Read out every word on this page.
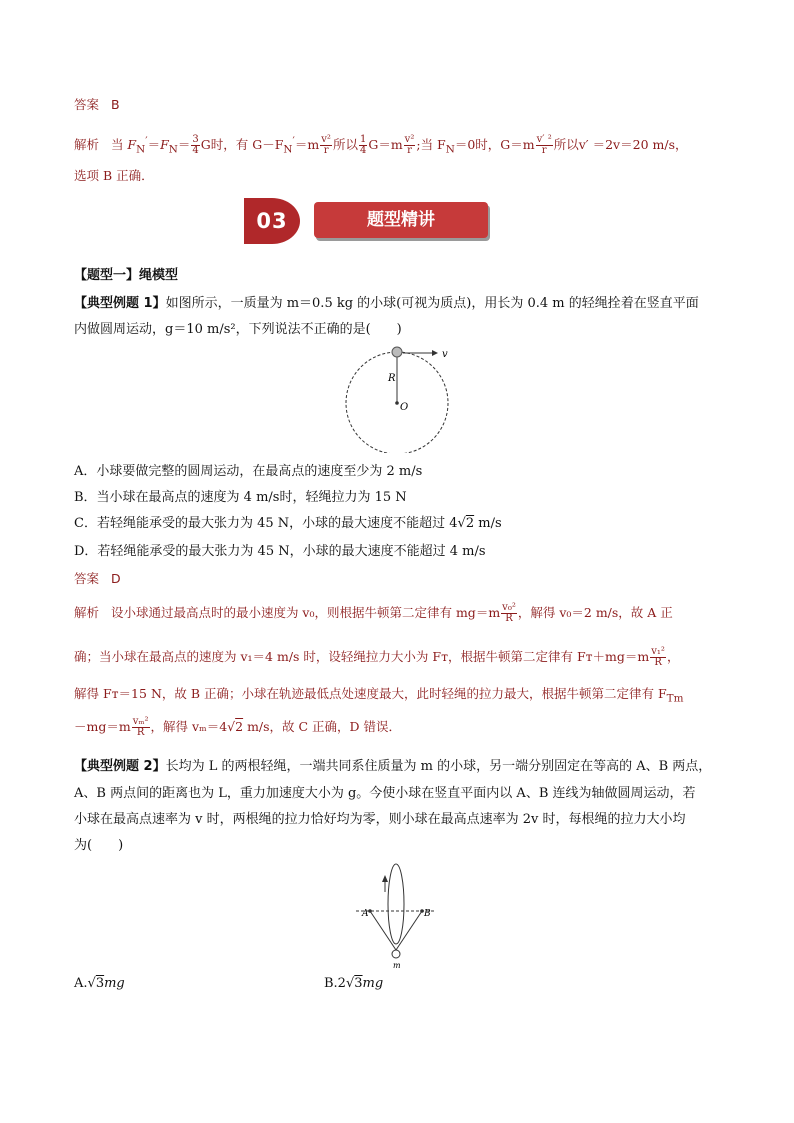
答案 B
解析 当 $F_N'=F_N= \frac{3}{4}$ G时，有 $G-F_N'=m \frac{\text{v²}}{r}$ 所以 $\frac{1}{4} G=m \frac{\text{v²}}{r}$ ;当 $F_N=0$时，$G=m \frac{\text{v′ ²}}{r}$ 所以v′ ＝2v＝20 m/s，
选项 B 正确．
03	题型精讲
【题型一】绳模型
【典型例题 1】如图所示，一质量为 m＝0.5 kg 的小球(可视为质点)，用长为 0.4 m 的轻绳拴着在竖直平面
内做圆周运动，g＝10 m/s²，下列说法不正确的是(　　)
v
R
O
A．小球要做完整的圆周运动，在最高点的速度至少为 2 m/s
B．当小球在最高点的速度为 4 m/s时，轻绳拉力为 15 N
C．若轻绳能承受的最大张力为 45 N，小球的最大速度不能超过 4√2 m/s
D．若轻绳能承受的最大张力为 45 N，小球的最大速度不能超过 4 m/s
答案 D
解析 设小球通过最高点时的最小速度为 v₀，则根据牛顿第二定律有 $mg=m \frac{\text{v₀²}}{R}$ ，解得 v₀＝2 m/s，故 A 正
确；当小球在最高点的速度为 v₁＝4 m/s 时，设轻绳拉力大小为 Fᴛ，根据牛顿第二定律有 Fᴛ＋mg＝m $\frac{\text{v₁²}}{R}$ ，
解得 Fᴛ＝15 N，故 B 正确；小球在轨迹最低点处速度最大，此时轻绳的拉力最大，根据牛顿第二定律有 $F_{Tm}$
$-mg=m \frac{\text{vₘ²}}{R}$ ，解得 vₘ＝4√2 m/s，故 C 正确，D 错误．
【典型例题 2】长均为 L 的两根轻绳，一端共同系住质量为 m 的小球，另一端分别固定在等高的 A、B 两点，
A、B 两点间的距离也为 L，重力加速度大小为 g。今使小球在竖直平面内以 A、B 连线为轴做圆周运动，若
小球在最高点速率为 v 时，两根绳的拉力恰好均为零，则小球在最高点速率为 2v 时，每根绳的拉力大小均
为(　　)
A	B
m
A.√3mg	B.2√3mg
